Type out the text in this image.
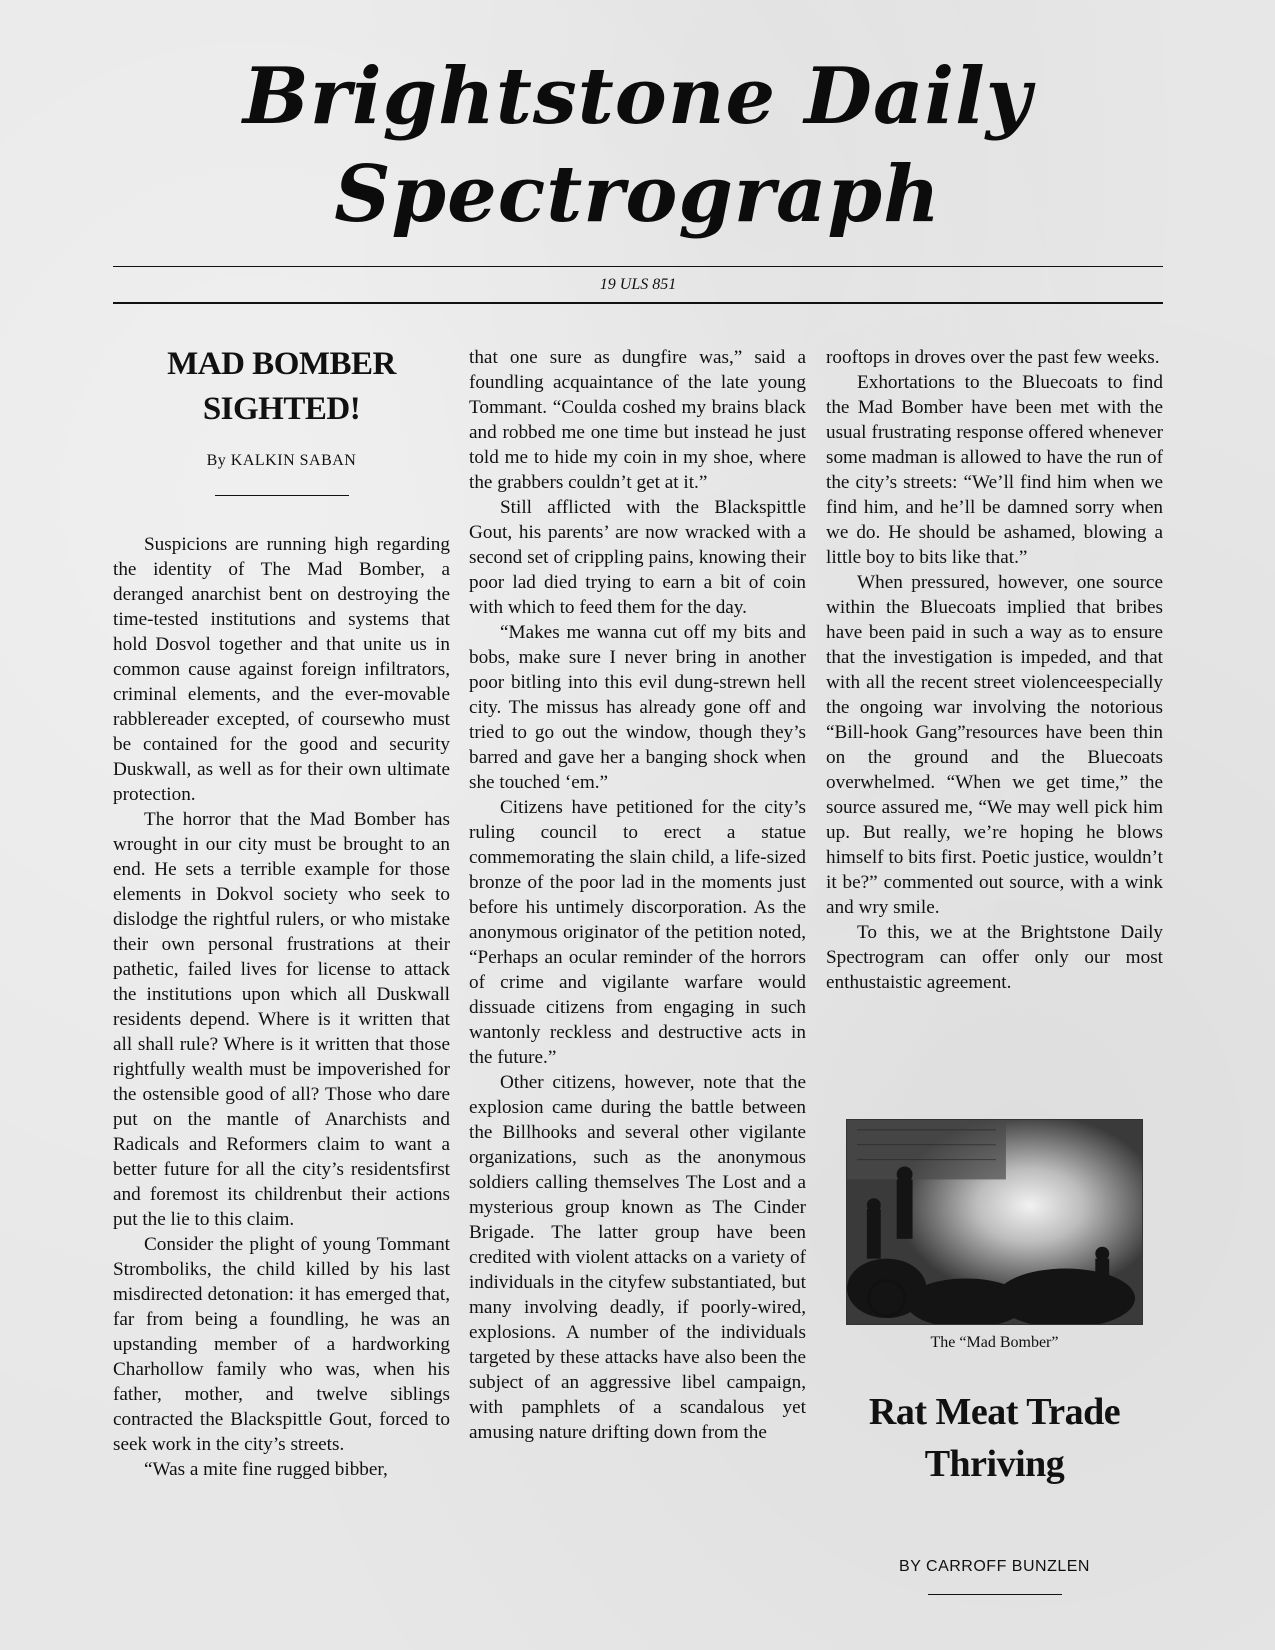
Brightstone Daily
Spectrograph
19 ULS 851
MAD BOMBER SIGHTED!
By KALKIN SABAN

Suspicions are running high regarding the identity of The Mad Bomber, a deranged anarchist bent on destroying the time-tested institutions and systems that hold Dosvol together and that unite us in common cause against foreign infiltrators, criminal elements, and the ever-movable rabblereader excepted, of coursewho must be contained for the good and security Duskwall, as well as for their own ultimate protection.

The horror that the Mad Bomber has wrought in our city must be brought to an end. He sets a terrible example for those elements in Dokvol society who seek to dislodge the rightful rulers, or who mistake their own personal frustrations at their pathetic, failed lives for license to attack the institutions upon which all Duskwall residents depend. Where is it written that all shall rule? Where is it written that those rightfully wealth must be impoverished for the ostensible good of all? Those who dare put on the mantle of Anarchists and Radicals and Reformers claim to want a better future for all the city’s residentsfirst and foremost its childrenbut their actions put the lie to this claim.

Consider the plight of young Tommant Stromboliks, the child killed by his last misdirected detonation: it has emerged that, far from being a foundling, he was an upstanding member of a hardworking Charhollow family who was, when his father, mother, and twelve siblings contracted the Blackspittle Gout, forced to seek work in the city’s streets.

“Was a mite fine rugged bibber,

that one sure as dungfire was,” said a foundling acquaintance of the late young Tommant. “Coulda coshed my brains black and robbed me one time but instead he just told me to hide my coin in my shoe, where the grabbers couldn’t get at it.”

Still afflicted with the Blackspittle Gout, his parents’ are now wracked with a second set of crippling pains, knowing their poor lad died trying to earn a bit of coin with which to feed them for the day.

“Makes me wanna cut off my bits and bobs, make sure I never bring in another poor bitling into this evil dung-strewn hell city. The missus has already gone off and tried to go out the window, though they’s barred and gave her a banging shock when she touched ‘em.”

Citizens have petitioned for the city’s ruling council to erect a statue commemorating the slain child, a life-sized bronze of the poor lad in the moments just before his untimely discorporation. As the anonymous originator of the petition noted, “Perhaps an ocular reminder of the horrors of crime and vigilante warfare would dissuade citizens from engaging in such wantonly reckless and destructive acts in the future.”

Other citizens, however, note that the explosion came during the battle between the Billhooks and several other vigilante organizations, such as the anonymous soldiers calling themselves The Lost and a mysterious group known as The Cinder Brigade. The latter group have been credited with violent attacks on a variety of individuals in the cityfew substantiated, but many involving deadly, if poorly-wired, explosions. A number of the individuals targeted by these attacks have also been the subject of an aggressive libel campaign, with pamphlets of a scandalous yet amusing nature drifting down from the

rooftops in droves over the past few weeks.

Exhortations to the Bluecoats to find the Mad Bomber have been met with the usual frustrating response offered whenever some madman is allowed to have the run of the city’s streets: “We’ll find him when we find him, and he’ll be damned sorry when we do. He should be ashamed, blowing a little boy to bits like that.”

When pressured, however, one source within the Bluecoats implied that bribes have been paid in such a way as to ensure that the investigation is impeded, and that with all the recent street violenceespecially the ongoing war involving the notorious “Bill-hook Gang”resources have been thin on the ground and the Bluecoats overwhelmed. “When we get time,” the source assured me, “We may well pick him up. But really, we’re hoping he blows himself to bits first. Poetic justice, wouldn’t it be?” commented out source, with a wink and wry smile.

To this, we at the Brightstone Daily Spectrogram can offer only our most enthustaistic agreement.

The “Mad Bomber”
Rat Meat Trade Thriving
BY CARROFF BUNZLEN
